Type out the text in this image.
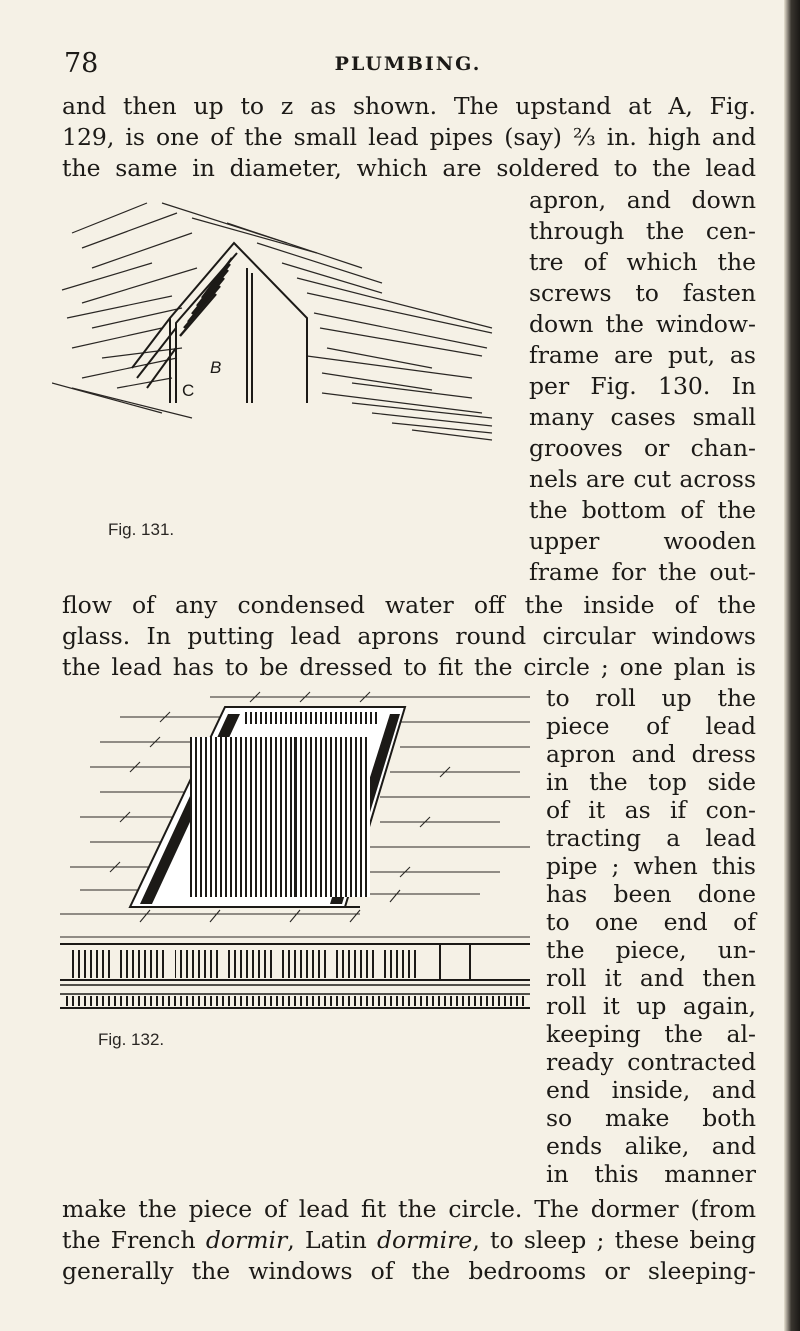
78	PLUMBING.
and then up to z as shown. The upstand at A, Fig.
129, is one of the small lead pipes (say) ⅔ in. high and
the same in diameter, which are soldered to the lead
C
B
Fig. 131.
apron, and down
through the cen-
tre of which the
screws to fasten
down the window-
frame are put, as
per Fig. 130. In
many cases small
grooves or chan-
nels are cut across
the bottom of the
upper wooden
frame for the out-
flow of any condensed water off the inside of the
glass. In putting lead aprons round circular windows
the lead has to be dressed to fit the circle ; one plan is
Fig. 132.
to roll up the
piece of lead
apron and dress
in the top side
of it as if con-
tracting a lead
pipe ; when this
has been done
to one end of
the piece, un-
roll it and then
roll it up again,
keeping the al-
ready contracted
end inside, and
so make both
ends alike, and
in this manner
make the piece of lead fit the circle. The dormer (from
the French dormir, Latin dormire, to sleep ; these being
generally the windows of the bedrooms or sleeping-
